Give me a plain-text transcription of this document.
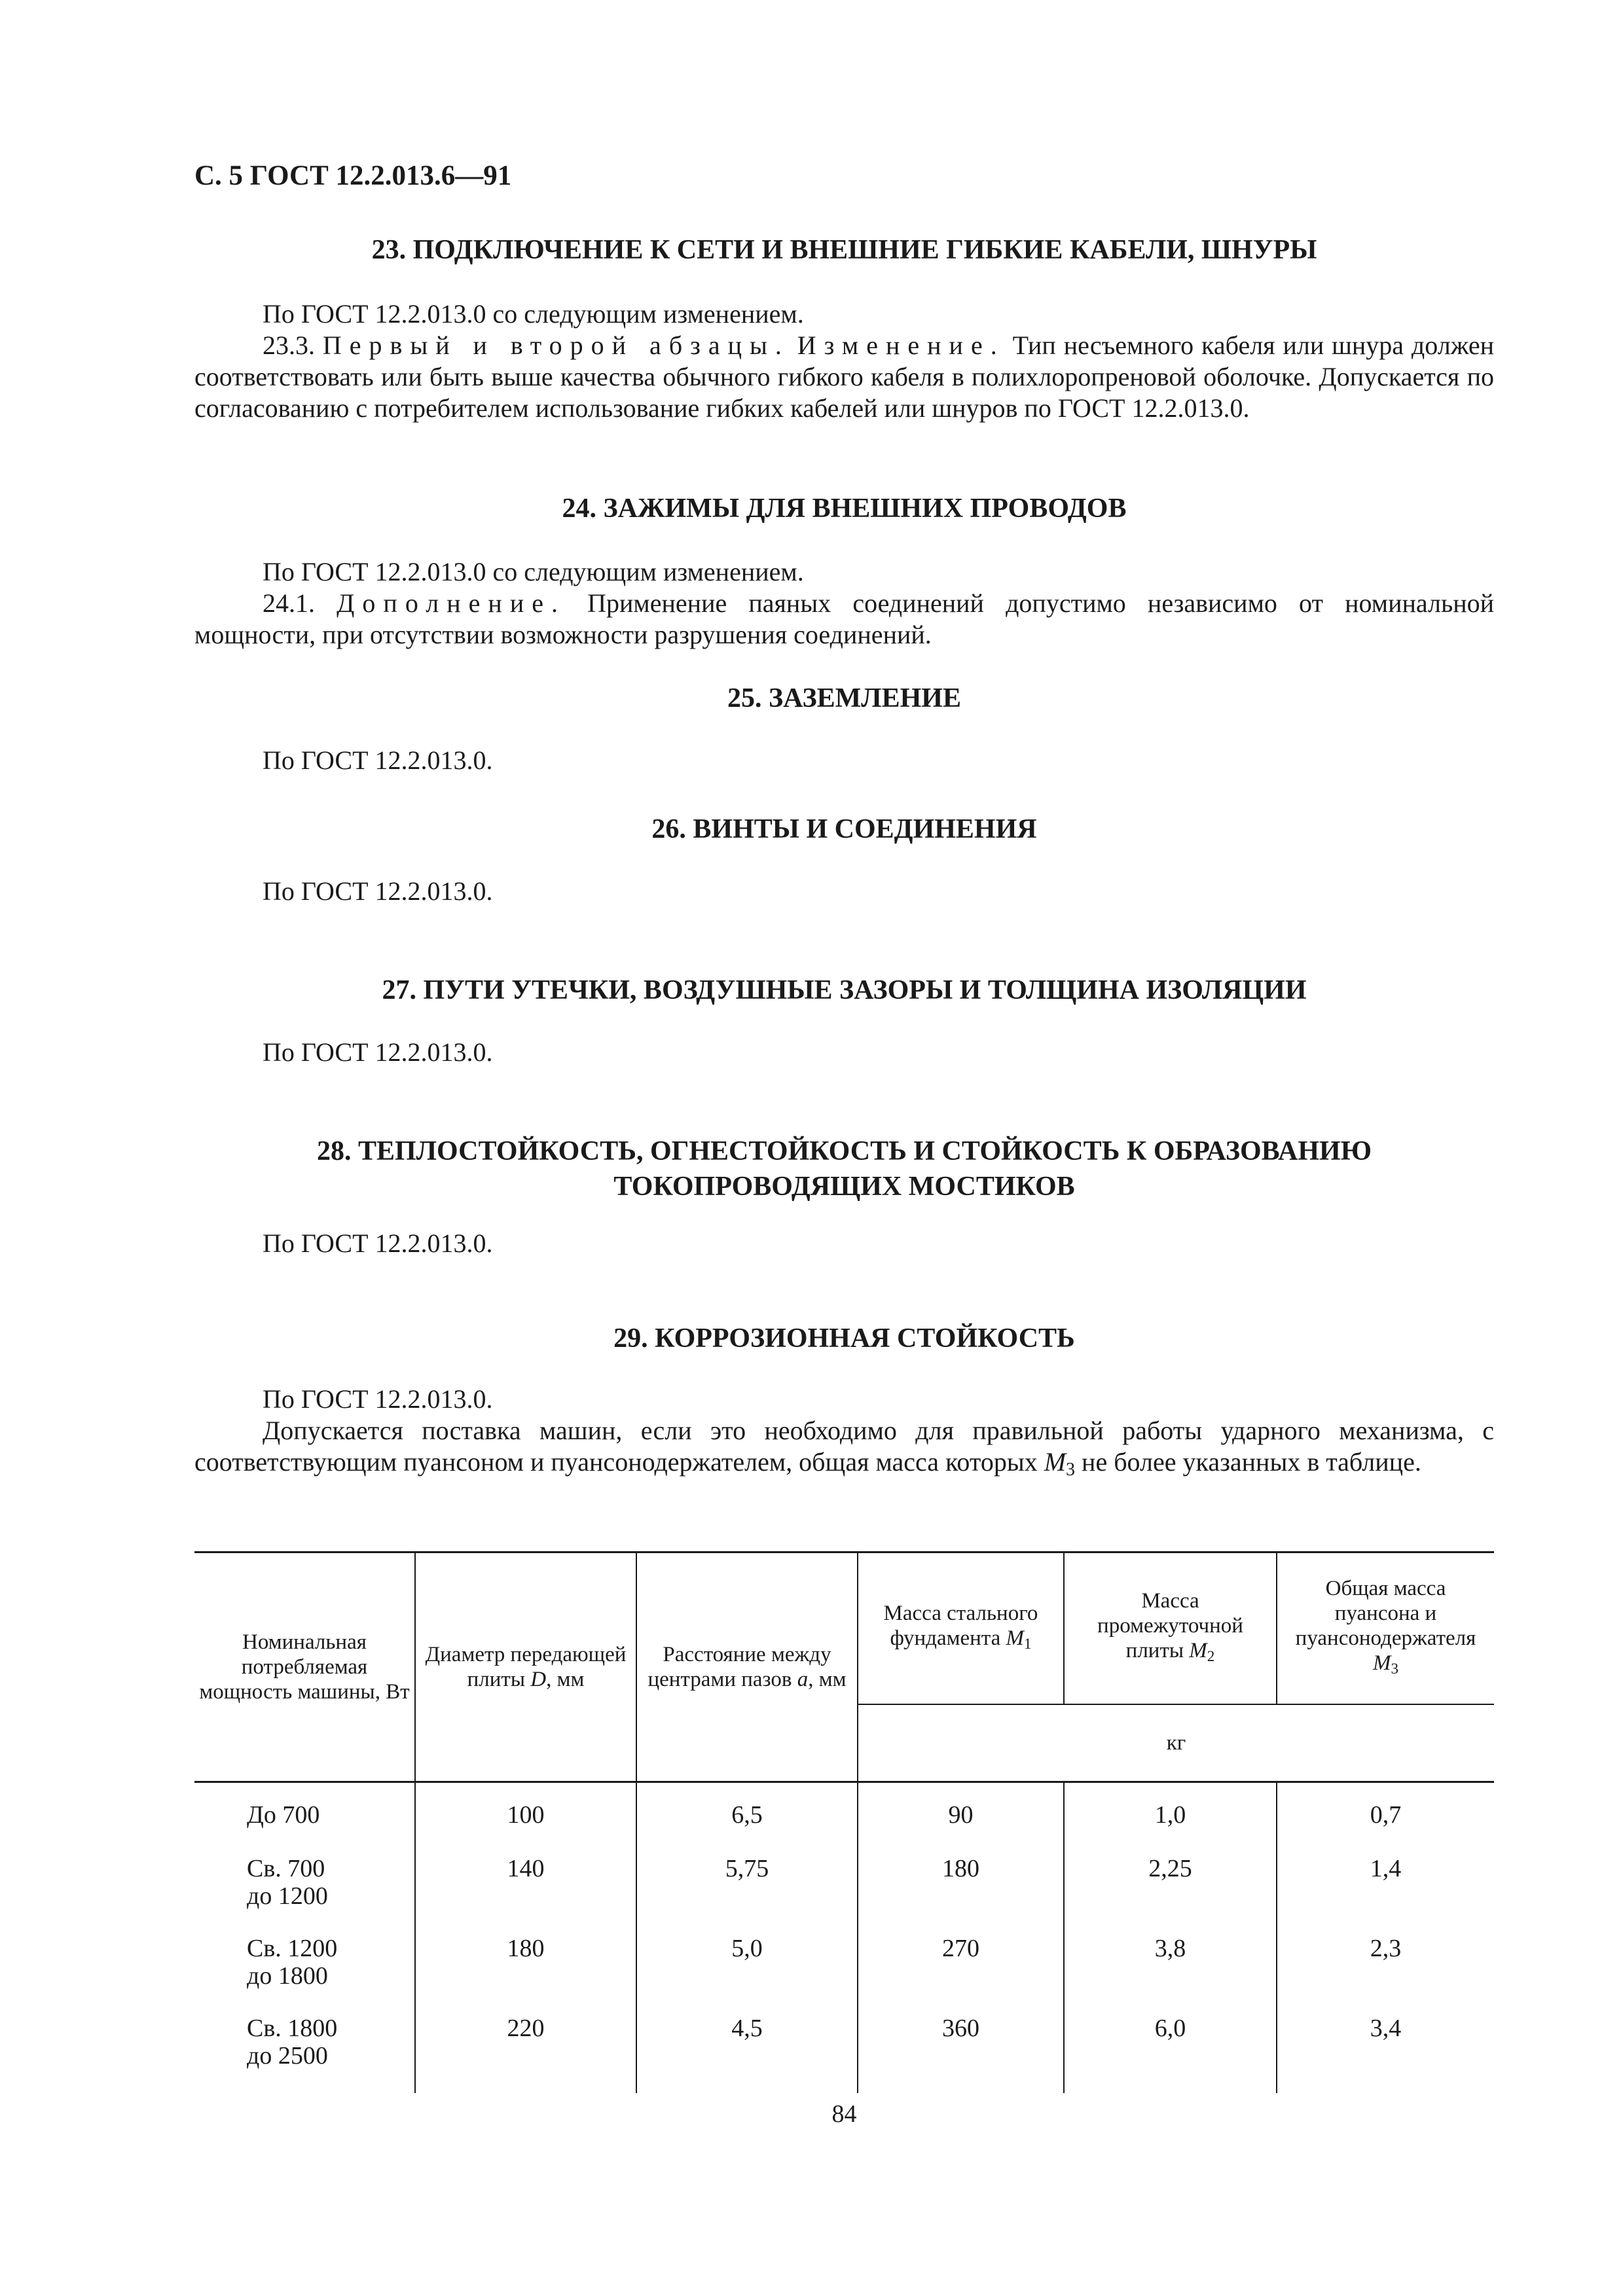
С. 5 ГОСТ 12.2.013.6—91

23. ПОДКЛЮЧЕНИЕ К СЕТИ И ВНЕШНИЕ ГИБКИЕ КАБЕЛИ, ШНУРЫ

По ГОСТ 12.2.013.0 со следующим изменением.

23.3. Первый и второй абзацы. Изменение. Тип несъемного кабеля или шнура должен соответствовать или быть выше качества обычного гибкого кабеля в полихлоропреновой оболочке. Допускается по согласованию с потребителем использование гибких кабелей или шнуров по ГОСТ 12.2.013.0.

24. ЗАЖИМЫ ДЛЯ ВНЕШНИХ ПРОВОДОВ

По ГОСТ 12.2.013.0 со следующим изменением.

24.1. Дополнение. Применение паяных соединений допустимо независимо от номинальной мощности, при отсутствии возможности разрушения соединений.

25. ЗАЗЕМЛЕНИЕ

По ГОСТ 12.2.013.0.

26. ВИНТЫ И СОЕДИНЕНИЯ

По ГОСТ 12.2.013.0.

27. ПУТИ УТЕЧКИ, ВОЗДУШНЫЕ ЗАЗОРЫ И ТОЛЩИНА ИЗОЛЯЦИИ

По ГОСТ 12.2.013.0.

28. ТЕПЛОСТОЙКОСТЬ, ОГНЕСТОЙКОСТЬ И СТОЙКОСТЬ К ОБРАЗОВАНИЮ
ТОКОПРОВОДЯЩИХ МОСТИКОВ

По ГОСТ 12.2.013.0.

29. КОРРОЗИОННАЯ СТОЙКОСТЬ

По ГОСТ 12.2.013.0.

Допускается поставка машин, если это необходимо для правильной работы ударного механизма, с соответствующим пуансоном и пуансонодержателем, общая масса которых $M_3$ не более указанных в таблице.

Номинальная потребляемая мощность машины, Вт	Диаметр передающей плиты D, мм	Расстояние между центрами пазов a, мм	Масса стального фундамента $M_1$	Масса промежуточной плиты $M_2$	Общая масса пуансона и пуансонодержателя $M_3$
			кг		
До 700	100	6,5	90	1,0	0,7
Св. 700
до 1200	140	5,75	180	2,25	1,4
Св. 1200
до 1800	180	5,0	270	3,8	2,3
Св. 1800
до 2500	220	4,5	360	6,0	3,4

84
